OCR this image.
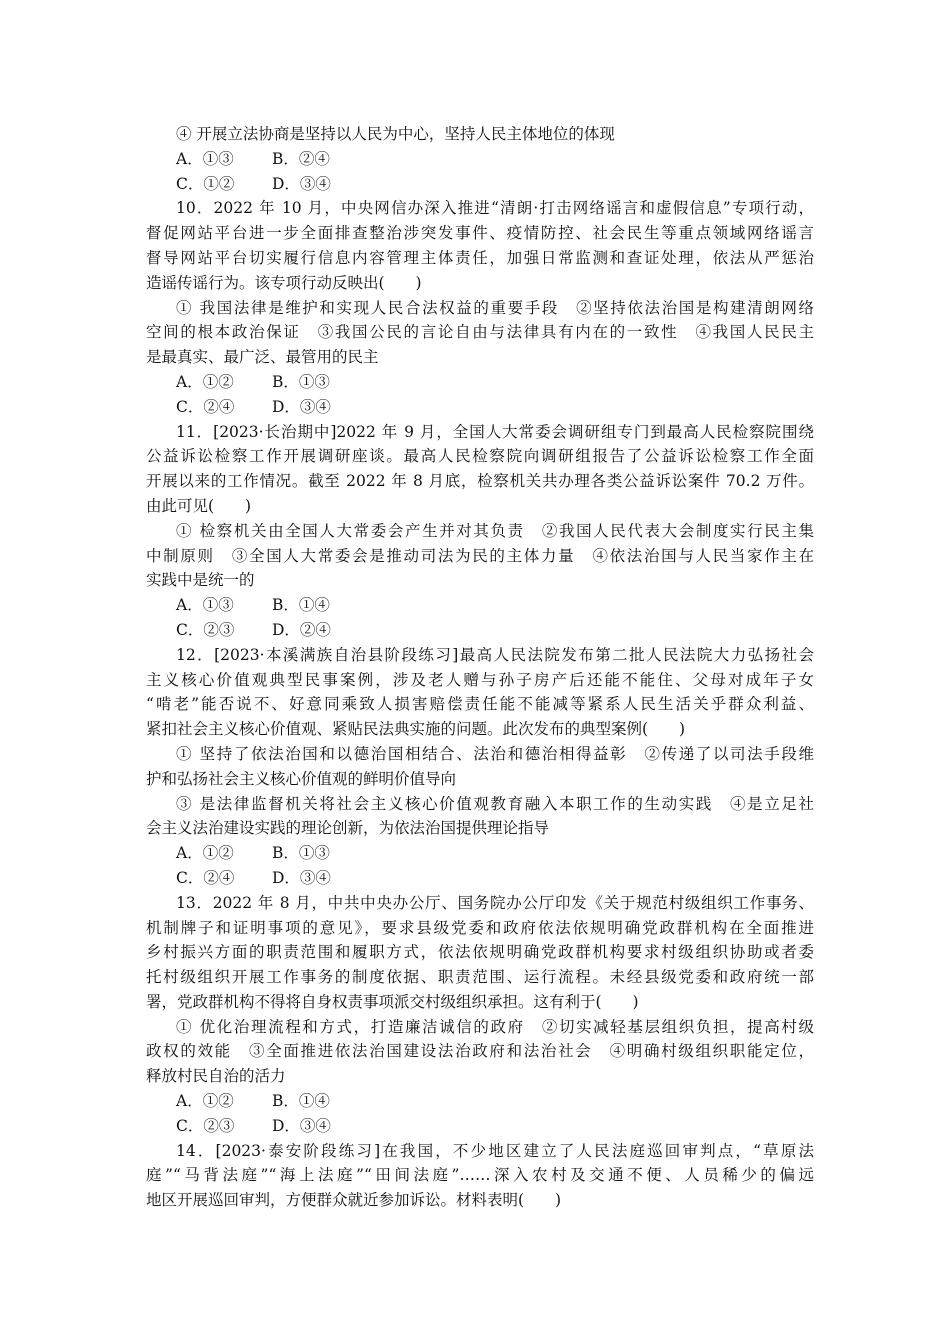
④ 开展立法协商是坚持以人民为中心，坚持人民主体地位的体现
A．①③ B．②④
C．①② D．③④
10．2022 年 10 月，中央网信办深入推进“清朗·打击网络谣言和虚假信息”专项行动，
督促网站平台进一步全面排查整治涉突发事件、疫情防控、社会民生等重点领域网络谣言
督导网站平台切实履行信息内容管理主体责任，加强日常监测和查证处理，依法从严惩治
造谣传谣行为。该专项行动反映出(　　)
① 我国法律是维护和实现人民合法权益的重要手段　②坚持依法治国是构建清朗网络
空间的根本政治保证　③我国公民的言论自由与法律具有内在的一致性　④我国人民民主
是最真实、最广泛、最管用的民主
A．①② B．①③
C．②④ D．③④
11．[2023·长治期中]2022 年 9 月，全国人大常委会调研组专门到最高人民检察院围绕
公益诉讼检察工作开展调研座谈。最高人民检察院向调研组报告了公益诉讼检察工作全面
开展以来的工作情况。截至 2022 年 8 月底，检察机关共办理各类公益诉讼案件 70.2 万件。
由此可见(　　)
① 检察机关由全国人大常委会产生并对其负责　②我国人民代表大会制度实行民主集
中制原则　③全国人大常委会是推动司法为民的主体力量　④依法治国与人民当家作主在
实践中是统一的
A．①③ B．①④
C．②③ D．②④
12．[2023·本溪满族自治县阶段练习]最高人民法院发布第二批人民法院大力弘扬社会
主义核心价值观典型民事案例，涉及老人赠与孙子房产后还能不能住、父母对成年子女
“啃老”能否说不、好意同乘致人损害赔偿责任能不能减等紧系人民生活关乎群众利益、
紧扣社会主义核心价值观、紧贴民法典实施的问题。此次发布的典型案例(　　)
① 坚持了依法治国和以德治国相结合、法治和德治相得益彰　②传递了以司法手段维
护和弘扬社会主义核心价值观的鲜明价值导向
③ 是法律监督机关将社会主义核心价值观教育融入本职工作的生动实践　④是立足社
会主义法治建设实践的理论创新，为依法治国提供理论指导
A．①② B．①③
C．②④ D．③④
13．2022 年 8 月，中共中央办公厅、国务院办公厅印发《关于规范村级组织工作事务、
机制牌子和证明事项的意见》，要求县级党委和政府依法依规明确党政群机构在全面推进
乡村振兴方面的职责范围和履职方式，依法依规明确党政群机构要求村级组织协助或者委
托村级组织开展工作事务的制度依据、职责范围、运行流程。未经县级党委和政府统一部
署，党政群机构不得将自身权责事项派交村级组织承担。这有利于(　　)
① 优化治理流程和方式，打造廉洁诚信的政府　②切实减轻基层组织负担，提高村级
政权的效能　③全面推进依法治国建设法治政府和法治社会　④明确村级组织职能定位，
释放村民自治的活力
A．①② B．①④
C．②③ D．③④
14．[2023·泰安阶段练习]在我国，不少地区建立了人民法庭巡回审判点，“草原法
庭”“马背法庭”“海上法庭”“田间法庭”……深入农村及交通不便、人员稀少的偏远
地区开展巡回审判，方便群众就近参加诉讼。材料表明(　　)
